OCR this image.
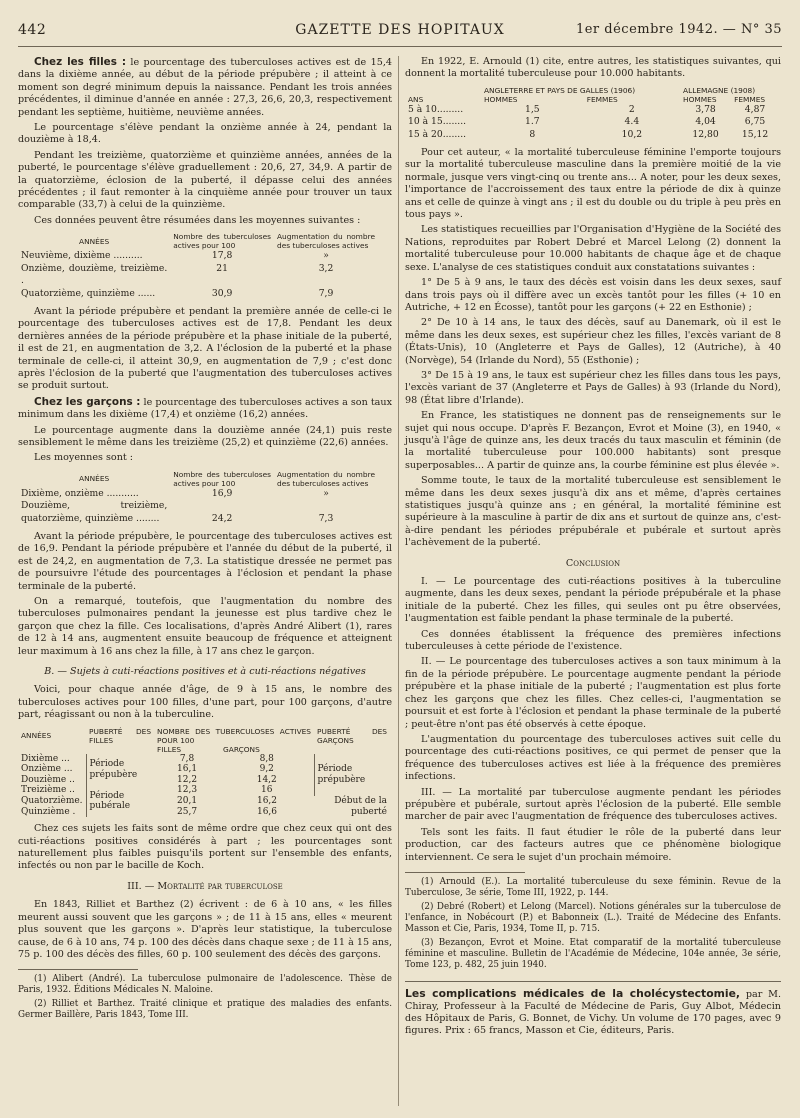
442	GAZETTE DES HOPITAUX	1er décembre 1942. — N° 35

Chez les filles : le pourcentage des tuberculoses actives est de 15,4 dans la dixième année, au début de la période prépubère ; il atteint à ce moment son degré minimum depuis la naissance. Pendant les trois années précédentes, il diminue d'année en année : 27,3, 26,6, 20,3, respectivement pendant les septième, huitième, neuvième années.

Le pourcentage s'élève pendant la onzième année à 24, pendant la douzième à 18,4.

Pendant les treizième, quatorzième et quinzième années, années de la puberté, le pourcentage s'élève graduellement : 20,6, 27, 34,9. A partir de la quatorzième, éclosion de la puberté, il dépasse celui des années précédentes ; il faut remonter à la cinquième année pour trouver un taux comparable (33,7) à celui de la quinzième.

Ces données peuvent être résumées dans les moyennes suivantes :

ANNÉES	Nombre des tuberculoses actives pour 100	Augmentation du nombre des tuberculoses actives
Neuvième, dixième ..........	17,8	»
Onzième, douzième, treizième. .	21	3,2
Quatorzième, quinzième ......	30,9	7,9

Avant la période prépubère et pendant la première année de celle-ci le pourcentage des tuberculoses actives est de 17,8. Pendant les deux dernières années de la période prépubère et la phase initiale de la puberté, il est de 21, en augmentation de 3,2. A l'éclosion de la puberté et la phase terminale de celle-ci, il atteint 30,9, en augmentation de 7,9 ; c'est donc après l'éclosion de la puberté que l'augmentation des tuberculoses actives se produit surtout.

Chez les garçons : le pourcentage des tuberculoses actives a son taux minimum dans les dixième (17,4) et onzième (16,2) années.

Le pourcentage augmente dans la douzième année (24,1) puis reste sensiblement le même dans les treizième (25,2) et quinzième (22,6) années.

Les moyennes sont :

ANNÉES	Nombre des tuberculoses actives pour 100	Augmentation du nombre des tuberculoses actives
Dixième, onzième ...........	16,9	»
Douzième, treizième, quatorzième, quinzième ........	24,2	7,3

Avant la période prépubère, le pourcentage des tuberculoses actives est de 16,9. Pendant la période prépubère et l'année du début de la puberté, il est de 24,2, en augmentation de 7,3. La statistique dressée ne permet pas de poursuivre l'étude des pourcentages à l'éclosion et pendant la phase terminale de la puberté.

On a remarqué, toutefois, que l'augmentation du nombre des tuberculoses pulmonaires pendant la jeunesse est plus tardive chez le garçon que chez la fille. Ces localisations, d'après André Alibert (1), rares de 12 à 14 ans, augmentent ensuite beaucoup de fréquence et atteignent leur maximum à 16 ans chez la fille, à 17 ans chez le garçon.

B. — Sujets à cuti-réactions positives et à cuti-réactions négatives

Voici, pour chaque année d'âge, de 9 à 15 ans, le nombre des tuberculoses actives pour 100 filles, d'une part, pour 100 garçons, d'autre part, réagissant ou non à la tuberculine.

ANNÉES	PUBERTÉ DES FILLES	NOMBRE DES TUBERCULOSES ACTIVES POUR 100		PUBERTÉ DES GARÇONS
		FILLES	GARÇONS	
Dixième ...	Période prépubère	7,8	8,8	Période prépubère
Onzième ...		16,1	9,2	
Douzième ..		12,2	14,2	
Treizième ..	Période pubérale	12,3	16	
Quatorzième.		20,1	16,2	Début de la puberté
Quinzième .		25,7	16,6	

Chez ces sujets les faits sont de même ordre que chez ceux qui ont des cuti-réactions positives considérés à part ; les pourcentages sont naturellement plus faibles puisqu'ils portent sur l'ensemble des enfants, infectés ou non par le bacille de Koch.

III. — Mortalité par tuberculose

En 1843, Rilliet et Barthez (2) écrivent : de 6 à 10 ans, « les filles meurent aussi souvent que les garçons » ; de 11 à 15 ans, elles « meurent plus souvent que les garçons ». D'après leur statistique, la tuberculose cause, de 6 à 10 ans, 74 p. 100 des décès dans chaque sexe ; de 11 à 15 ans, 75 p. 100 des décès des filles, 60 p. 100 seulement des décès des garçons.

(1) Alibert (André). La tuberculose pulmonaire de l'adolescence. Thèse de Paris, 1932. Éditions Médicales N. Maloine.

(2) Rilliet et Barthez. Traité clinique et pratique des maladies des enfants. Germer Baillère, Paris 1843, Tome III.

En 1922, E. Arnould (1) cite, entre autres, les statistiques suivantes, qui donnent la mortalité tuberculeuse pour 10.000 habitants.

	ANGLETERRE ET PAYS DE GALLES (1906)		ALLEMAGNE (1908)	
ANS	HOMMES	FEMMES	HOMMES	FEMMES
5 à 10.........	1,5	2	3,78	4,87
10 à 15........	1.7	4.4	4,04	6,75
15 à 20........	8	10,2	12,80	15,12

Pour cet auteur, « la mortalité tuberculeuse féminine l'emporte toujours sur la mortalité tuberculeuse masculine dans la première moitié de la vie normale, jusque vers vingt-cinq ou trente ans... A noter, pour les deux sexes, l'importance de l'accroissement des taux entre la période de dix à quinze ans et celle de quinze à vingt ans ; il est du double ou du triple à peu près en tous pays ».

Les statistiques recueillies par l'Organisation d'Hygiène de la Société des Nations, reproduites par Robert Debré et Marcel Lelong (2) donnent la mortalité tuberculeuse pour 10.000 habitants de chaque âge et de chaque sexe. L'analyse de ces statistiques conduit aux constatations suivantes :

1° De 5 à 9 ans, le taux des décès est voisin dans les deux sexes, sauf dans trois pays où il diffère avec un excès tantôt pour les filles (+ 10 en Autriche, + 12 en Écosse), tantôt pour les garçons (+ 22 en Esthonie) ;

2° De 10 à 14 ans, le taux des décès, sauf au Danemark, où il est le même dans les deux sexes, est supérieur chez les filles, l'excès variant de 8 (États-Unis), 10 (Angleterre et Pays de Galles), 12 (Autriche), à 40 (Norvège), 54 (Irlande du Nord), 55 (Esthonie) ;

3° De 15 à 19 ans, le taux est supérieur chez les filles dans tous les pays, l'excès variant de 37 (Angleterre et Pays de Galles) à 93 (Irlande du Nord), 98 (État libre d'Irlande).

En France, les statistiques ne donnent pas de renseignements sur le sujet qui nous occupe. D'après F. Bezançon, Evrot et Moine (3), en 1940, « jusqu'à l'âge de quinze ans, les deux tracés du taux masculin et féminin (de la mortalité tuberculeuse pour 100.000 habitants) sont presque superposables... A partir de quinze ans, la courbe féminine est plus élevée ».

Somme toute, le taux de la mortalité tuberculeuse est sensiblement le même dans les deux sexes jusqu'à dix ans et même, d'après certaines statistiques jusqu'à quinze ans ; en général, la mortalité féminine est supérieure à la masculine à partir de dix ans et surtout de quinze ans, c'est-à-dire pendant les périodes prépubérale et pubérale et surtout après l'achèvement de la puberté.

Conclusion

I. — Le pourcentage des cuti-réactions positives à la tuberculine augmente, dans les deux sexes, pendant la période prépubérale et la phase initiale de la puberté. Chez les filles, qui seules ont pu être observées, l'augmentation est faible pendant la phase terminale de la puberté.

Ces données établissent la fréquence des premières infections tuberculeuses à cette période de l'existence.

II. — Le pourcentage des tuberculoses actives a son taux minimum à la fin de la période prépubère. Le pourcentage augmente pendant la période prépubère et la phase initiale de la puberté ; l'augmentation est plus forte chez les garçons que chez les filles. Chez celles-ci, l'augmentation se poursuit et est forte à l'éclosion et pendant la phase terminale de la puberté ; peut-être n'ont pas été observés à cette époque.

L'augmentation du pourcentage des tuberculoses actives suit celle du pourcentage des cuti-réactions positives, ce qui permet de penser que la fréquence des tuberculoses actives est liée à la fréquence des premières infections.

III. — La mortalité par tuberculose augmente pendant les périodes prépubère et pubérale, surtout après l'éclosion de la puberté. Elle semble marcher de pair avec l'augmentation de fréquence des tuberculoses actives.

Tels sont les faits. Il faut étudier le rôle de la puberté dans leur production, car des facteurs autres que ce phénomène biologique interviennent. Ce sera le sujet d'un prochain mémoire.

(1) Arnould (E.). La mortalité tuberculeuse du sexe féminin. Revue de la Tuberculose, 3e série, Tome III, 1922, p. 144.

(2) Debré (Robert) et Lelong (Marcel). Notions générales sur la tuberculose de l'enfance, in Nobécourt (P.) et Babonneix (L.). Traité de Médecine des Enfants. Masson et Cie, Paris, 1934, Tome II, p. 715.

(3) Bezançon, Evrot et Moine. Etat comparatif de la mortalité tuberculeuse féminine et masculine. Bulletin de l'Académie de Médecine, 104e année, 3e série, Tome 123, p. 482, 25 juin 1940.

Les complications médicales de la cholécystectomie, par M. Chiray, Professeur à la Faculté de Médecine de Paris, Guy Albot, Médecin des Hôpitaux de Paris, G. Bonnet, de Vichy. Un volume de 170 pages, avec 9 figures. Prix : 65 francs, Masson et Cie, éditeurs, Paris.
